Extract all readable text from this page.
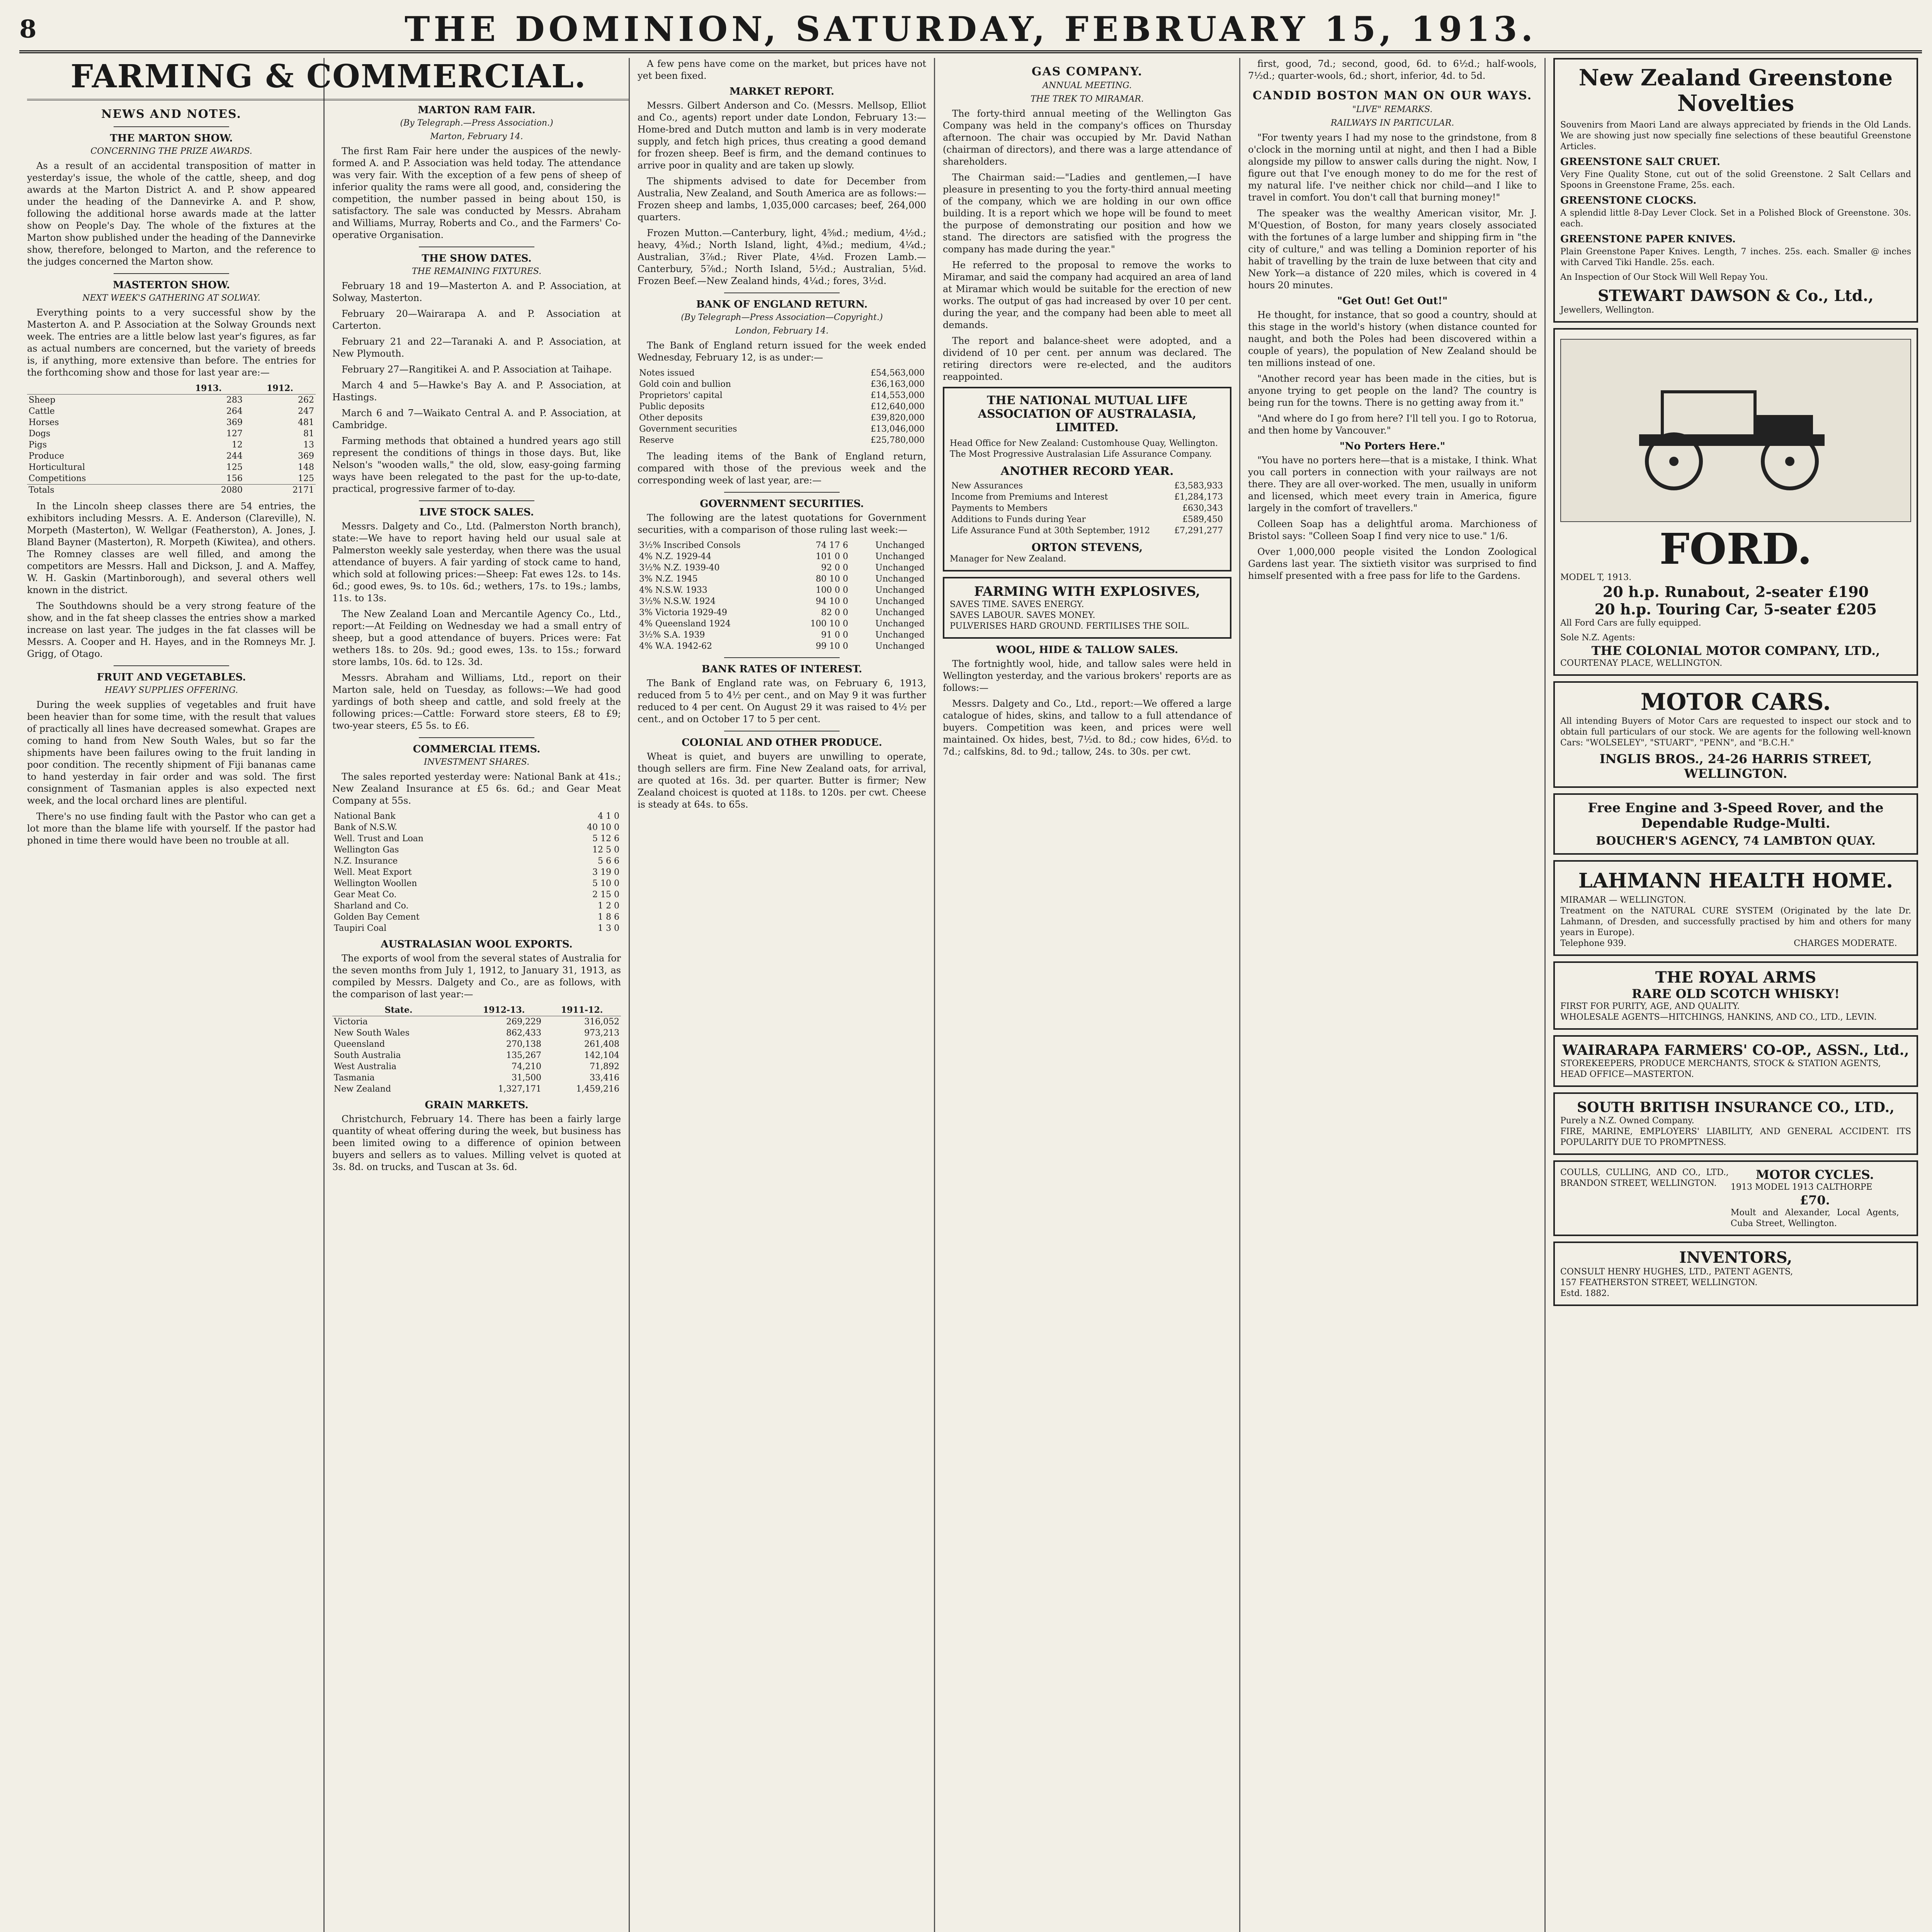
8	THE DOMINION, SATURDAY, FEBRUARY 15, 1913.
FARMING & COMMERCIAL.
NEWS AND NOTES.
THE MARTON SHOW.
CONCERNING THE PRIZE AWARDS.

As a result of an accidental transposition of matter in yesterday's issue, the whole of the cattle, sheep, and dog awards at the Marton District A. and P. show appeared under the heading of the Dannevirke A. and P. show, following the additional horse awards made at the latter show on People's Day. The whole of the fixtures at the Marton show published under the heading of the Dannevirke show, therefore, belonged to Marton, and the reference to the judges concerned the Marton show.

MASTERTON SHOW.
NEXT WEEK'S GATHERING AT SOLWAY.

Everything points to a very successful show by the Masterton A. and P. Association at the Solway Grounds next week. The entries are a little below last year's figures, as far as actual numbers are concerned, but the variety of breeds is, if anything, more extensive than before. The entries for the forthcoming show and those for last year are:—

	1913.	1912.
Sheep	283	262
Cattle	264	247
Horses	369	481
Dogs	127	81
Pigs	12	13
Produce	244	369
Horticultural	125	148
Competitions	156	125
Totals	2080	2171

In the Lincoln sheep classes there are 54 entries, the exhibitors including Messrs. A. E. Anderson (Clareville), N. Morpeth (Masterton), W. Wellgar (Featherston), A. Jones, J. Bland Bayner (Masterton), R. Morpeth (Kiwitea), and others. The Romney classes are well filled, and among the competitors are Messrs. Hall and Dickson, J. and A. Maffey, W. H. Gaskin (Martinborough), and several others well known in the district.

The Southdowns should be a very strong feature of the show, and in the fat sheep classes the entries show a marked increase on last year. The judges in the fat classes will be Messrs. A. Cooper and H. Hayes, and in the Romneys Mr. J. Grigg, of Otago.

FRUIT AND VEGETABLES.
HEAVY SUPPLIES OFFERING.

During the week supplies of vegetables and fruit have been heavier than for some time, with the result that values of practically all lines have decreased somewhat. Grapes are coming to hand from New South Wales, but so far the shipments have been failures owing to the fruit landing in poor condition. The recently shipment of Fiji bananas came to hand yesterday in fair order and was sold. The first consignment of Tasmanian apples is also expected next week, and the local orchard lines are plentiful.

There's no use finding fault with the Pastor who can get a lot more than the blame life with yourself. If the pastor had phoned in time there would have been no trouble at all.

MARTON RAM FAIR.
(By Telegraph.—Press Association.)
Marton, February 14.

The first Ram Fair here under the auspices of the newly-formed A. and P. Association was held today. The attendance was very fair. With the exception of a few pens of sheep of inferior quality the rams were all good, and, considering the competition, the number passed in being about 150, is satisfactory. The sale was conducted by Messrs. Abraham and Williams, Murray, Roberts and Co., and the Farmers' Co-operative Organisation.

THE SHOW DATES.
THE REMAINING FIXTURES.

February 18 and 19—Masterton A. and P. Association, at Solway, Masterton.

February 20—Wairarapa A. and P. Association at Carterton.

February 21 and 22—Taranaki A. and P. Association, at New Plymouth.

February 27—Rangitikei A. and P. Association at Taihape.

March 4 and 5—Hawke's Bay A. and P. Association, at Hastings.

March 6 and 7—Waikato Central A. and P. Association, at Cambridge.

Farming methods that obtained a hundred years ago still represent the conditions of things in those days. But, like Nelson's "wooden walls," the old, slow, easy-going farming ways have been relegated to the past for the up-to-date, practical, progressive farmer of to-day.

LIVE STOCK SALES.

Messrs. Dalgety and Co., Ltd. (Palmerston North branch), state:—We have to report having held our usual sale at Palmerston weekly sale yesterday, when there was the usual attendance of buyers. A fair yarding of stock came to hand, which sold at following prices:—Sheep: Fat ewes 12s. to 14s. 6d.; good ewes, 9s. to 10s. 6d.; wethers, 17s. to 19s.; lambs, 11s. to 13s.

The New Zealand Loan and Mercantile Agency Co., Ltd., report:—At Feilding on Wednesday we had a small entry of sheep, but a good attendance of buyers. Prices were: Fat wethers 18s. to 20s. 9d.; good ewes, 13s. to 15s.; forward store lambs, 10s. 6d. to 12s. 3d.

Messrs. Abraham and Williams, Ltd., report on their Marton sale, held on Tuesday, as follows:—We had good yardings of both sheep and cattle, and sold freely at the following prices:—Cattle: Forward store steers, £8 to £9; two-year steers, £5 5s. to £6.

COMMERCIAL ITEMS.
INVESTMENT SHARES.

The sales reported yesterday were: National Bank at 41s.; New Zealand Insurance at £5 6s. 6d.; and Gear Meat Company at 55s.

National Bank	4 1 0
Bank of N.S.W.	40 10 0
Well. Trust and Loan	5 12 6
Wellington Gas	12 5 0
N.Z. Insurance	5 6 6
Well. Meat Export	3 19 0
Wellington Woollen	5 10 0
Gear Meat Co.	2 15 0
Sharland and Co.	1 2 0
Golden Bay Cement	1 8 6
Taupiri Coal	1 3 0
AUSTRALASIAN WOOL EXPORTS.

The exports of wool from the several states of Australia for the seven months from July 1, 1912, to January 31, 1913, as compiled by Messrs. Dalgety and Co., are as follows, with the comparison of last year:—

State.	1912-13.	1911-12.
Victoria	269,229	316,052
New South Wales	862,433	973,213
Queensland	270,138	261,408
South Australia	135,267	142,104
West Australia	74,210	71,892
Tasmania	31,500	33,416
New Zealand	1,327,171	1,459,216
GRAIN MARKETS.

Christchurch, February 14. There has been a fairly large quantity of wheat offering during the week, but business has been limited owing to a difference of opinion between buyers and sellers as to values. Milling velvet is quoted at 3s. 8d. on trucks, and Tuscan at 3s. 6d.

A few pens have come on the market, but prices have not yet been fixed.

MARKET REPORT.

Messrs. Gilbert Anderson and Co. (Messrs. Mellsop, Elliot and Co., agents) report under date London, February 13:—Home-bred and Dutch mutton and lamb is in very moderate supply, and fetch high prices, thus creating a good demand for frozen sheep. Beef is firm, and the demand continues to arrive poor in quality and are taken up slowly.

The shipments advised to date for December from Australia, New Zealand, and South America are as follows:—Frozen sheep and lambs, 1,035,000 carcases; beef, 264,000 quarters.

Frozen Mutton.—Canterbury, light, 4⅝d.; medium, 4½d.; heavy, 4⅜d.; North Island, light, 4⅜d.; medium, 4¼d.; Australian, 3⅞d.; River Plate, 4⅛d. Frozen Lamb.—Canterbury, 5⅞d.; North Island, 5½d.; Australian, 5⅛d. Frozen Beef.—New Zealand hinds, 4¼d.; fores, 3½d.

BANK OF ENGLAND RETURN.
(By Telegraph—Press Association—Copyright.)
London, February 14.

The Bank of England return issued for the week ended Wednesday, February 12, is as under:—

Notes issued	£54,563,000
Gold coin and bullion	£36,163,000
Proprietors' capital	£14,553,000
Public deposits	£12,640,000
Other deposits	£39,820,000
Government securities	£13,046,000
Reserve	£25,780,000

The leading items of the Bank of England return, compared with those of the previous week and the corresponding week of last year, are:—

GOVERNMENT SECURITIES.

The following are the latest quotations for Government securities, with a comparison of those ruling last week:—

3½% Inscribed Consols	74 17 6	Unchanged
4% N.Z. 1929-44	101 0 0	Unchanged
3½% N.Z. 1939-40	92 0 0	Unchanged
3% N.Z. 1945	80 10 0	Unchanged
4% N.S.W. 1933	100 0 0	Unchanged
3½% N.S.W. 1924	94 10 0	Unchanged
3% Victoria 1929-49	82 0 0	Unchanged
4% Queensland 1924	100 10 0	Unchanged
3½% S.A. 1939	91 0 0	Unchanged
4% W.A. 1942-62	99 10 0	Unchanged
BANK RATES OF INTEREST.

The Bank of England rate was, on February 6, 1913, reduced from 5 to 4½ per cent., and on May 9 it was further reduced to 4 per cent. On August 29 it was raised to 4½ per cent., and on October 17 to 5 per cent.

COLONIAL AND OTHER PRODUCE.

Wheat is quiet, and buyers are unwilling to operate, though sellers are firm. Fine New Zealand oats, for arrival, are quoted at 16s. 3d. per quarter. Butter is firmer; New Zealand choicest is quoted at 118s. to 120s. per cwt. Cheese is steady at 64s. to 65s.

GAS COMPANY.
ANNUAL MEETING.
THE TREK TO MIRAMAR.

The forty-third annual meeting of the Wellington Gas Company was held in the company's offices on Thursday afternoon. The chair was occupied by Mr. David Nathan (chairman of directors), and there was a large attendance of shareholders.

The Chairman said:—"Ladies and gentlemen,—I have pleasure in presenting to you the forty-third annual meeting of the company, which we are holding in our own office building. It is a report which we hope will be found to meet the purpose of demonstrating our position and how we stand. The directors are satisfied with the progress the company has made during the year."

He referred to the proposal to remove the works to Miramar, and said the company had acquired an area of land at Miramar which would be suitable for the erection of new works. The output of gas had increased by over 10 per cent. during the year, and the company had been able to meet all demands.

The report and balance-sheet were adopted, and a dividend of 10 per cent. per annum was declared. The retiring directors were re-elected, and the auditors reappointed.

THE NATIONAL MUTUAL LIFE ASSOCIATION OF AUSTRALASIA, LIMITED.
Head Office for New Zealand: Customhouse Quay, Wellington.
The Most Progressive Australasian Life Assurance Company.
ANOTHER RECORD YEAR.
New Assurances	£3,583,933
Income from Premiums and Interest	£1,284,173
Payments to Members	£630,343
Additions to Funds during Year	£589,450
Life Assurance Fund at 30th September, 1912	£7,291,277
ORTON STEVENS,
Manager for New Zealand.
FARMING WITH EXPLOSIVES,
SAVES TIME. SAVES ENERGY.
SAVES LABOUR. SAVES MONEY.
PULVERISES HARD GROUND. FERTILISES THE SOIL.
WOOL, HIDE & TALLOW SALES.

The fortnightly wool, hide, and tallow sales were held in Wellington yesterday, and the various brokers' reports are as follows:—

Messrs. Dalgety and Co., Ltd., report:—We offered a large catalogue of hides, skins, and tallow to a full attendance of buyers. Competition was keen, and prices were well maintained. Ox hides, best, 7½d. to 8d.; cow hides, 6½d. to 7d.; calfskins, 8d. to 9d.; tallow, 24s. to 30s. per cwt.

first, good, 7d.; second, good, 6d. to 6½d.; half-wools, 7½d.; quarter-wools, 6d.; short, inferior, 4d. to 5d.

CANDID BOSTON MAN ON OUR WAYS.
"LIVE" REMARKS.
RAILWAYS IN PARTICULAR.

"For twenty years I had my nose to the grindstone, from 8 o'clock in the morning until at night, and then I had a Bible alongside my pillow to answer calls during the night. Now, I figure out that I've enough money to do me for the rest of my natural life. I've neither chick nor child—and I like to travel in comfort. You don't call that burning money!"

The speaker was the wealthy American visitor, Mr. J. M'Question, of Boston, for many years closely associated with the fortunes of a large lumber and shipping firm in "the city of culture," and was telling a Dominion reporter of his habit of travelling by the train de luxe between that city and New York—a distance of 220 miles, which is covered in 4 hours 20 minutes.

"Get Out! Get Out!"

He thought, for instance, that so good a country, should at this stage in the world's history (when distance counted for naught, and both the Poles had been discovered within a couple of years), the population of New Zealand should be ten millions instead of one.

"Another record year has been made in the cities, but is anyone trying to get people on the land? The country is being run for the towns. There is no getting away from it."

"And where do I go from here? I'll tell you. I go to Rotorua, and then home by Vancouver."

"No Porters Here."

"You have no porters here—that is a mistake, I think. What you call porters in connection with your railways are not there. They are all over-worked. The men, usually in uniform and licensed, which meet every train in America, figure largely in the comfort of travellers."

Colleen Soap has a delightful aroma. Marchioness of Bristol says: "Colleen Soap I find very nice to use." 1/6.

Over 1,000,000 people visited the London Zoological Gardens last year. The sixtieth visitor was surprised to find himself presented with a free pass for life to the Gardens.

New Zealand Greenstone Novelties
Souvenirs from Maori Land are always appreciated by friends in the Old Lands. We are showing just now specially fine selections of these beautiful Greenstone Articles.
GREENSTONE SALT CRUET.
Very Fine Quality Stone, cut out of the solid Greenstone. 2 Salt Cellars and Spoons in Greenstone Frame, 25s. each.
GREENSTONE CLOCKS.
A splendid little 8-Day Lever Clock. Set in a Polished Block of Greenstone. 30s. each.
GREENSTONE PAPER KNIVES.
Plain Greenstone Paper Knives. Length, 7 inches. 25s. each. Smaller @ inches with Carved Tiki Handle. 25s. each.
An Inspection of Our Stock Will Well Repay You.
STEWART DAWSON & Co., Ltd.,
Jewellers, Wellington.
FORD.
MODEL T, 1913.
20 h.p. Runabout, 2-seater £190
20 h.p. Touring Car, 5-seater £205
All Ford Cars are fully equipped.
Sole N.Z. Agents:
THE COLONIAL MOTOR COMPANY, LTD.,
COURTENAY PLACE, WELLINGTON.
MOTOR CARS.
All intending Buyers of Motor Cars are requested to inspect our stock and to obtain full particulars of our stock. We are agents for the following well-known Cars: "WOLSELEY", "STUART", "PENN", and "B.C.H."
INGLIS BROS., 24-26 HARRIS STREET, WELLINGTON.
Free Engine and 3-Speed Rover, and the Dependable Rudge-Multi.
BOUCHER'S AGENCY, 74 LAMBTON QUAY.
LAHMANN HEALTH HOME.
MIRAMAR — WELLINGTON.
Treatment on the NATURAL CURE SYSTEM (Originated by the late Dr. Lahmann, of Dresden, and successfully practised by him and others for many years in Europe).
Telephone 939.	CHARGES MODERATE.
THE ROYAL ARMS
RARE OLD SCOTCH WHISKY!
FIRST FOR PURITY, AGE, AND QUALITY.
WHOLESALE AGENTS—HITCHINGS, HANKINS, AND CO., LTD., LEVIN.
WAIRARAPA FARMERS' CO-OP., ASSN., Ltd.,
STOREKEEPERS, PRODUCE MERCHANTS, STOCK & STATION AGENTS,
HEAD OFFICE—MASTERTON.
SOUTH BRITISH INSURANCE CO., LTD.,
Purely a N.Z. Owned Company.
FIRE, MARINE, EMPLOYERS' LIABILITY, AND GENERAL ACCIDENT. ITS POPULARITY DUE TO PROMPTNESS.
COULLS, CULLING, AND CO., LTD., BRANDON STREET, WELLINGTON.
MOTOR CYCLES.
1913 MODEL 1913 CALTHORPE
£70.
Moult and Alexander, Local Agents, Cuba Street, Wellington.
INVENTORS,
CONSULT HENRY HUGHES, LTD., PATENT AGENTS,
157 FEATHERSTON STREET, WELLINGTON.
Estd. 1882.
